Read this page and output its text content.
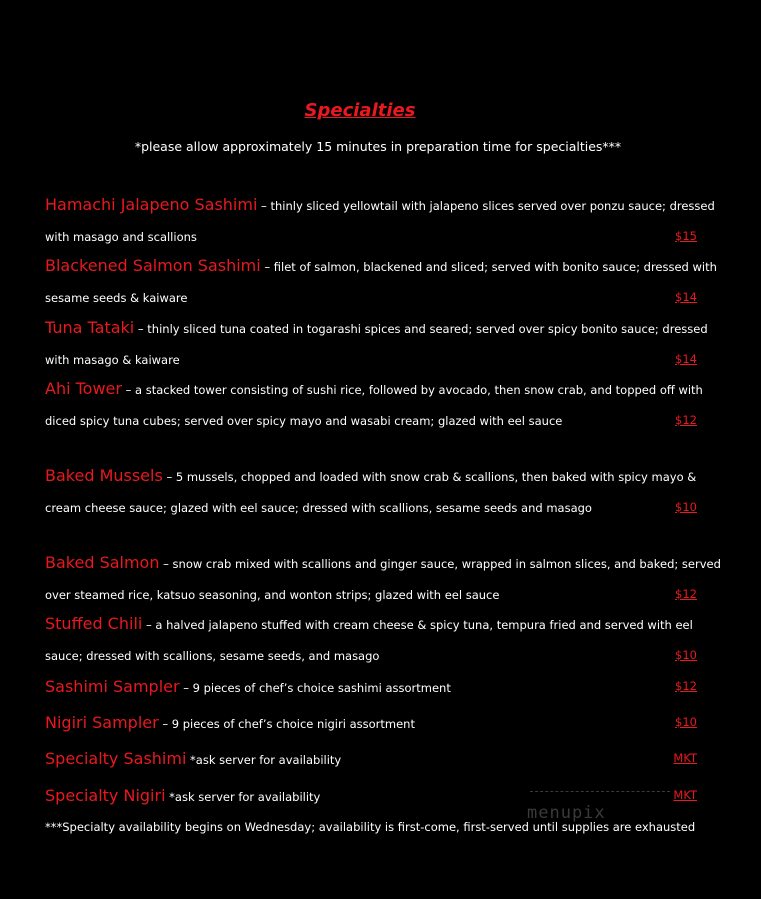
Specialties
*please allow approximately 15 minutes in preparation time for specialties***
Hamachi Jalapeno Sashimi – thinly sliced yellowtail with jalapeno slices served over ponzu sauce; dressed
with masago and scallions	$15
Blackened Salmon Sashimi – filet of salmon, blackened and sliced; served with bonito sauce; dressed with
sesame seeds & kaiware	$14
Tuna Tataki – thinly sliced tuna coated in togarashi spices and seared; served over spicy bonito sauce; dressed
with masago & kaiware	$14
Ahi Tower – a stacked tower consisting of sushi rice, followed by avocado, then snow crab, and topped off with
diced spicy tuna cubes; served over spicy mayo and wasabi cream; glazed with eel sauce	$12
Baked Mussels – 5 mussels, chopped and loaded with snow crab & scallions, then baked with spicy mayo &
cream cheese sauce; glazed with eel sauce; dressed with scallions, sesame seeds and masago	$10
Baked Salmon – snow crab mixed with scallions and ginger sauce, wrapped in salmon slices, and baked; served
over steamed rice, katsuo seasoning, and wonton strips; glazed with eel sauce	$12
Stuffed Chili – a halved jalapeno stuffed with cream cheese & spicy tuna, tempura fried and served with eel
sauce; dressed with scallions, sesame seeds, and masago	$10
Sashimi Sampler – 9 pieces of chef’s choice sashimi assortment	$12
Nigiri Sampler – 9 pieces of chef’s choice nigiri assortment	$10
Specialty Sashimi *ask server for availability	MKT
Specialty Nigiri *ask server for availability	MKT
menupix
***Specialty availability begins on Wednesday; availability is first-come, first-served until supplies are exhausted
